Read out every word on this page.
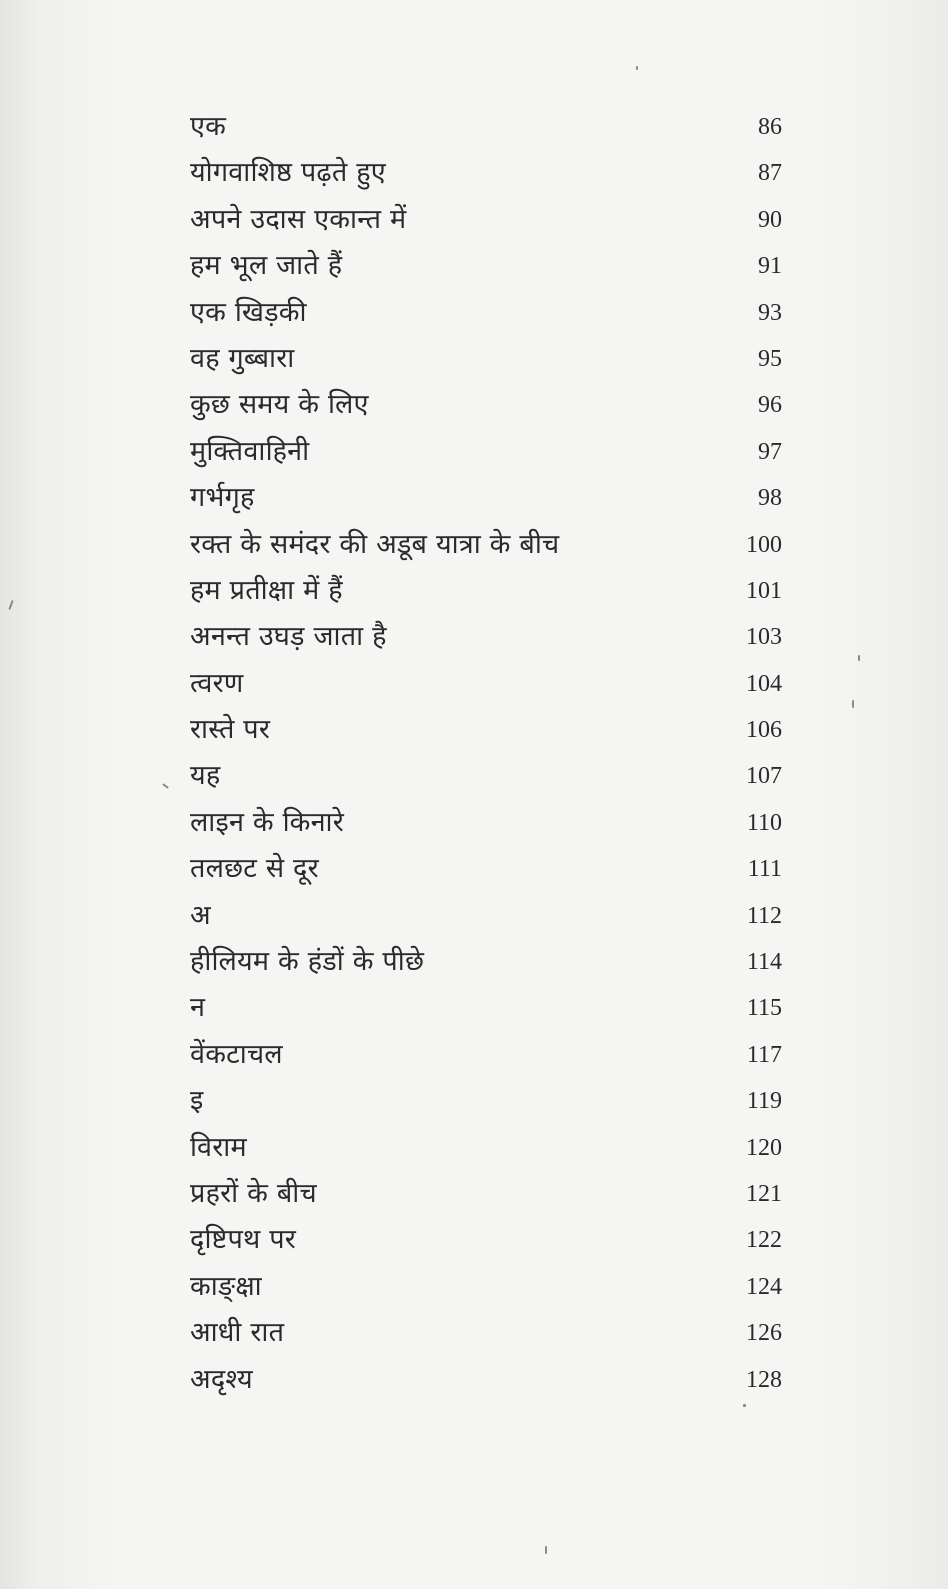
एक	86
योगवाशिष्ठ पढ़ते हुए	87
अपने उदास एकान्त में	90
हम भूल जाते हैं	91
एक खिड़की	93
वह गुब्बारा	95
कुछ समय के लिए	96
मुक्तिवाहिनी	97
गर्भगृह	98
रक्त के समंदर की अडूब यात्रा के बीच	100
हम प्रतीक्षा में हैं	101
अनन्त उघड़ जाता है	103
त्वरण	104
रास्ते पर	106
यह	107
लाइन के किनारे	110
तलछट से दूर	111
अ	112
हीलियम के हंडों के पीछे	114
न	115
वेंकटाचल	117
इ	119
विराम	120
प्रहरों के बीच	121
दृष्टिपथ पर	122
काङ्क्षा	124
आधी रात	126
अदृश्य	128
